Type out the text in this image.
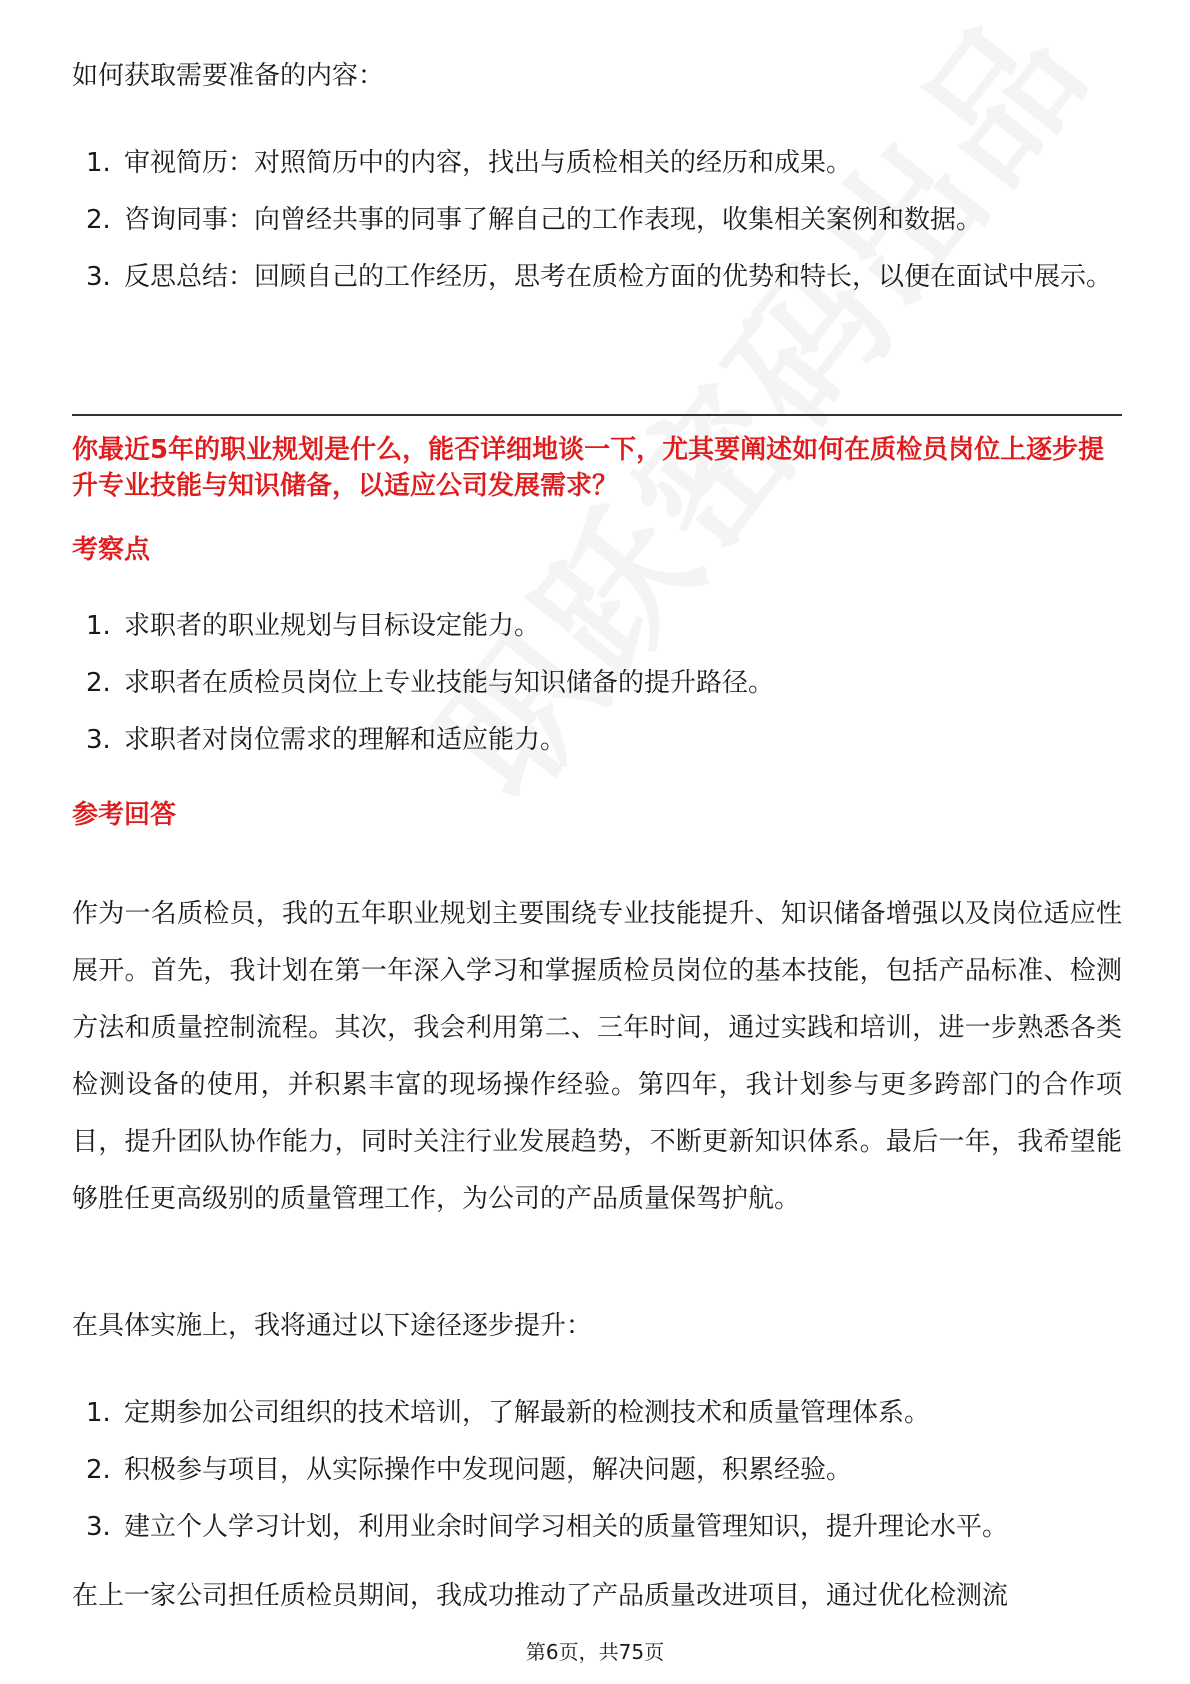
如何获取需要准备的内容：

1. 审视简历：对照简历中的内容，找出与质检相关的经历和成果。
2. 咨询同事：向曾经共事的同事了解自己的工作表现，收集相关案例和数据。
3. 反思总结：回顾自己的工作经历，思考在质检方面的优势和特长，以便在面试中展示。
你最近5年的职业规划是什么，能否详细地谈一下，尤其要阐述如何在质检员岗位上逐步提升专业技能与知识储备，以适应公司发展需求？
考察点
1. 求职者的职业规划与目标设定能力。
2. 求职者在质检员岗位上专业技能与知识储备的提升路径。
3. 求职者对岗位需求的理解和适应能力。
参考回答

作为一名质检员，我的五年职业规划主要围绕专业技能提升、知识储备增强以及岗位适应性展开。首先，我计划在第一年深入学习和掌握质检员岗位的基本技能，包括产品标准、检测方法和质量控制流程。其次，我会利用第二、三年时间，通过实践和培训，进一步熟悉各类检测设备的使用，并积累丰富的现场操作经验。第四年，我计划参与更多跨部门的合作项目，提升团队协作能力，同时关注行业发展趋势，不断更新知识体系。最后一年，我希望能够胜任更高级别的质量管理工作，为公司的产品质量保驾护航。

在具体实施上，我将通过以下途径逐步提升：

1. 定期参加公司组织的技术培训，了解最新的检测技术和质量管理体系。
2. 积极参与项目，从实际操作中发现问题，解决问题，积累经验。
3. 建立个人学习计划，利用业余时间学习相关的质量管理知识，提升理论水平。

在上一家公司担任质检员期间，我成功推动了产品质量改进项目，通过优化检测流

第6页，共75页
